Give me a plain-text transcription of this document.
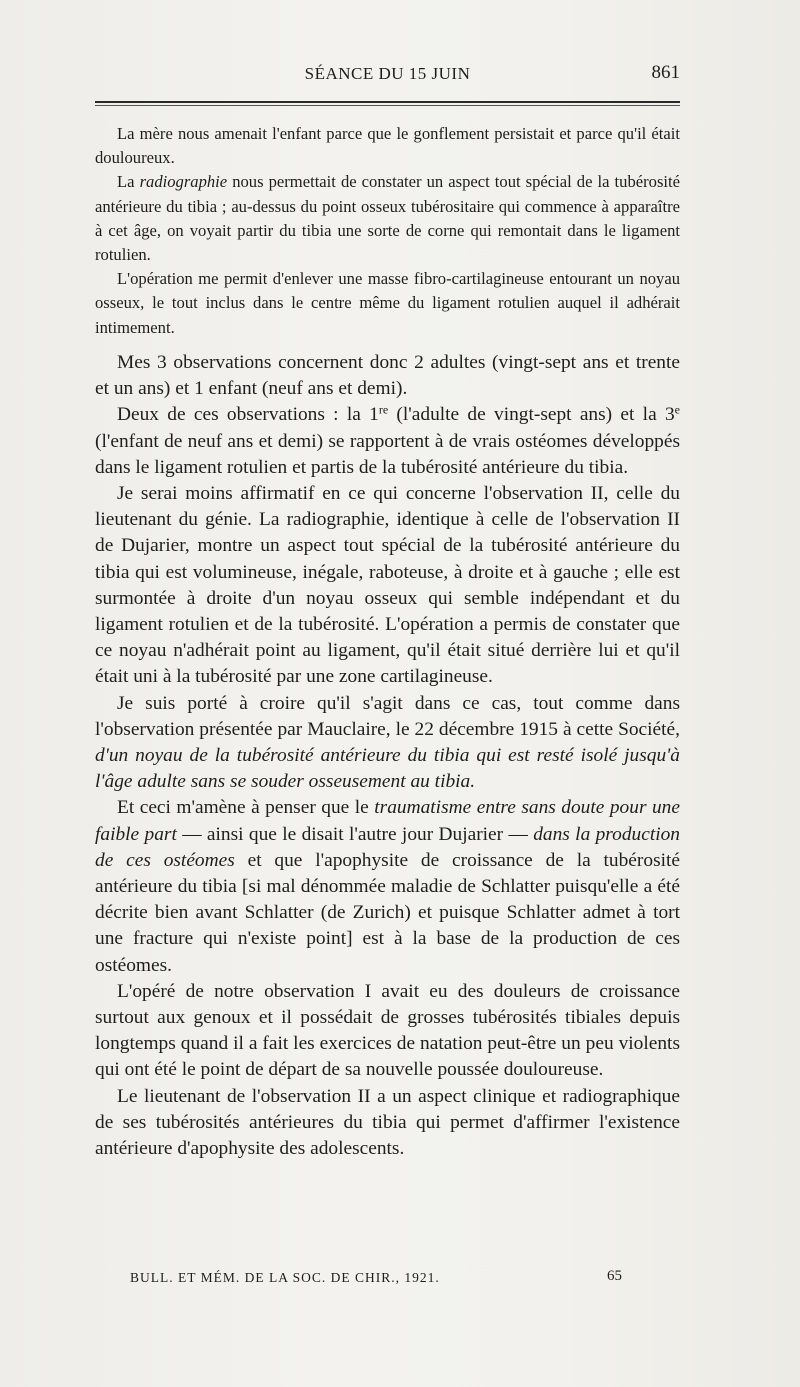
SÉANCE DU 15 JUIN	861

La mère nous amenait l'enfant parce que le gonflement persistait et parce qu'il était douloureux.

La radiographie nous permettait de constater un aspect tout spécial de la tubérosité antérieure du tibia ; au-dessus du point osseux tubérositaire qui commence à apparaître à cet âge, on voyait partir du tibia une sorte de corne qui remontait dans le ligament rotulien.

L'opération me permit d'enlever une masse fibro-cartilagineuse entourant un noyau osseux, le tout inclus dans le centre même du ligament rotulien auquel il adhérait intimement.

Mes 3 observations concernent donc 2 adultes (vingt-sept ans et trente et un ans) et 1 enfant (neuf ans et demi).

Deux de ces observations : la 1re (l'adulte de vingt-sept ans) et la 3e (l'enfant de neuf ans et demi) se rapportent à de vrais ostéomes développés dans le ligament rotulien et partis de la tubérosité antérieure du tibia.

Je serai moins affirmatif en ce qui concerne l'observation II, celle du lieutenant du génie. La radiographie, identique à celle de l'observation II de Dujarier, montre un aspect tout spécial de la tubérosité antérieure du tibia qui est volumineuse, inégale, raboteuse, à droite et à gauche ; elle est surmontée à droite d'un noyau osseux qui semble indépendant et du ligament rotulien et de la tubérosité. L'opération a permis de constater que ce noyau n'adhérait point au ligament, qu'il était situé derrière lui et qu'il était uni à la tubérosité par une zone cartilagineuse.

Je suis porté à croire qu'il s'agit dans ce cas, tout comme dans l'observation présentée par Mauclaire, le 22 décembre 1915 à cette Société, d'un noyau de la tubérosité antérieure du tibia qui est resté isolé jusqu'à l'âge adulte sans se souder osseusement au tibia.

Et ceci m'amène à penser que le traumatisme entre sans doute pour une faible part — ainsi que le disait l'autre jour Dujarier — dans la production de ces ostéomes et que l'apophysite de croissance de la tubérosité antérieure du tibia [si mal dénommée maladie de Schlatter puisqu'elle a été décrite bien avant Schlatter (de Zurich) et puisque Schlatter admet à tort une fracture qui n'existe point] est à la base de la production de ces ostéomes.

L'opéré de notre observation I avait eu des douleurs de croissance surtout aux genoux et il possédait de grosses tubérosités tibiales depuis longtemps quand il a fait les exercices de natation peut-être un peu violents qui ont été le point de départ de sa nouvelle poussée douloureuse.

Le lieutenant de l'observation II a un aspect clinique et radiographique de ses tubérosités antérieures du tibia qui permet d'affirmer l'existence antérieure d'apophysite des adolescents.

BULL. ET MÉM. DE LA SOC. DE CHIR., 1921.	65
